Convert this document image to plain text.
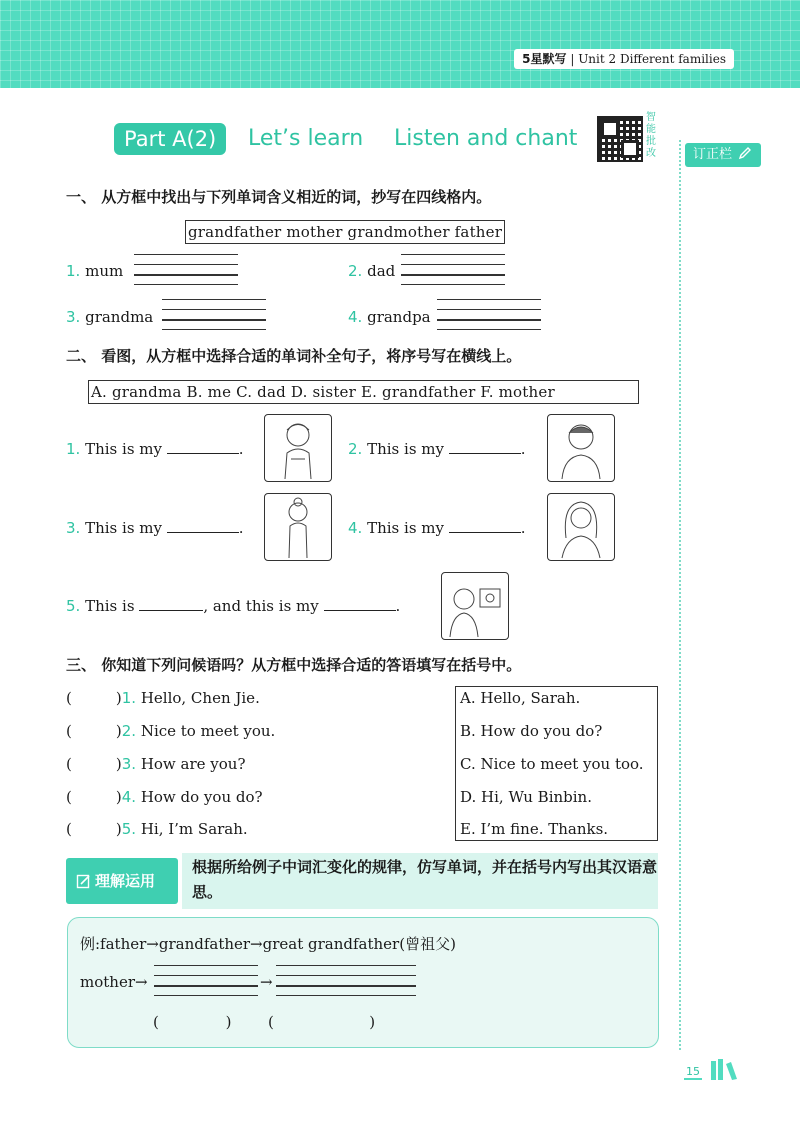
5星默写 | Unit 2 Different families
Part A(2)	Let’s learn Listen and chant
智能批改	订正栏
一、 从方框中找出与下列单词含义相近的词，抄写在四线格内。
grandfather mother grandmother father
1. mum	2. dad
3. grandma	4. grandpa
二、 看图，从方框中选择合适的单词补全句子，将序号写在横线上。
A. grandma B. me C. dad D. sister E. grandfather F. mother
1. This is my	.	2. This is my	.
3. This is my	.	4. This is my	.
5. This is	, and this is my	.
三、 你知道下列问候语吗？从方框中选择合适的答语填写在括号中。
(	)1. Hello, Chen Jie.
(	)2. Nice to meet you.
(	)3. How are you?
(	)4. How do you do?
(	)5. Hi, I’m Sarah.
A. Hello, Sarah.
B. How do you do?
C. Nice to meet you too.
D. Hi, Wu Binbin.
E. I’m fine. Thanks.
理解运用
根据所给例子中词汇变化的规律，仿写单词，并在括号内写出其汉语意思。
例:father→grandfather→great grandfather(曾祖父)
mother→	→
(              ) (                    )
15
